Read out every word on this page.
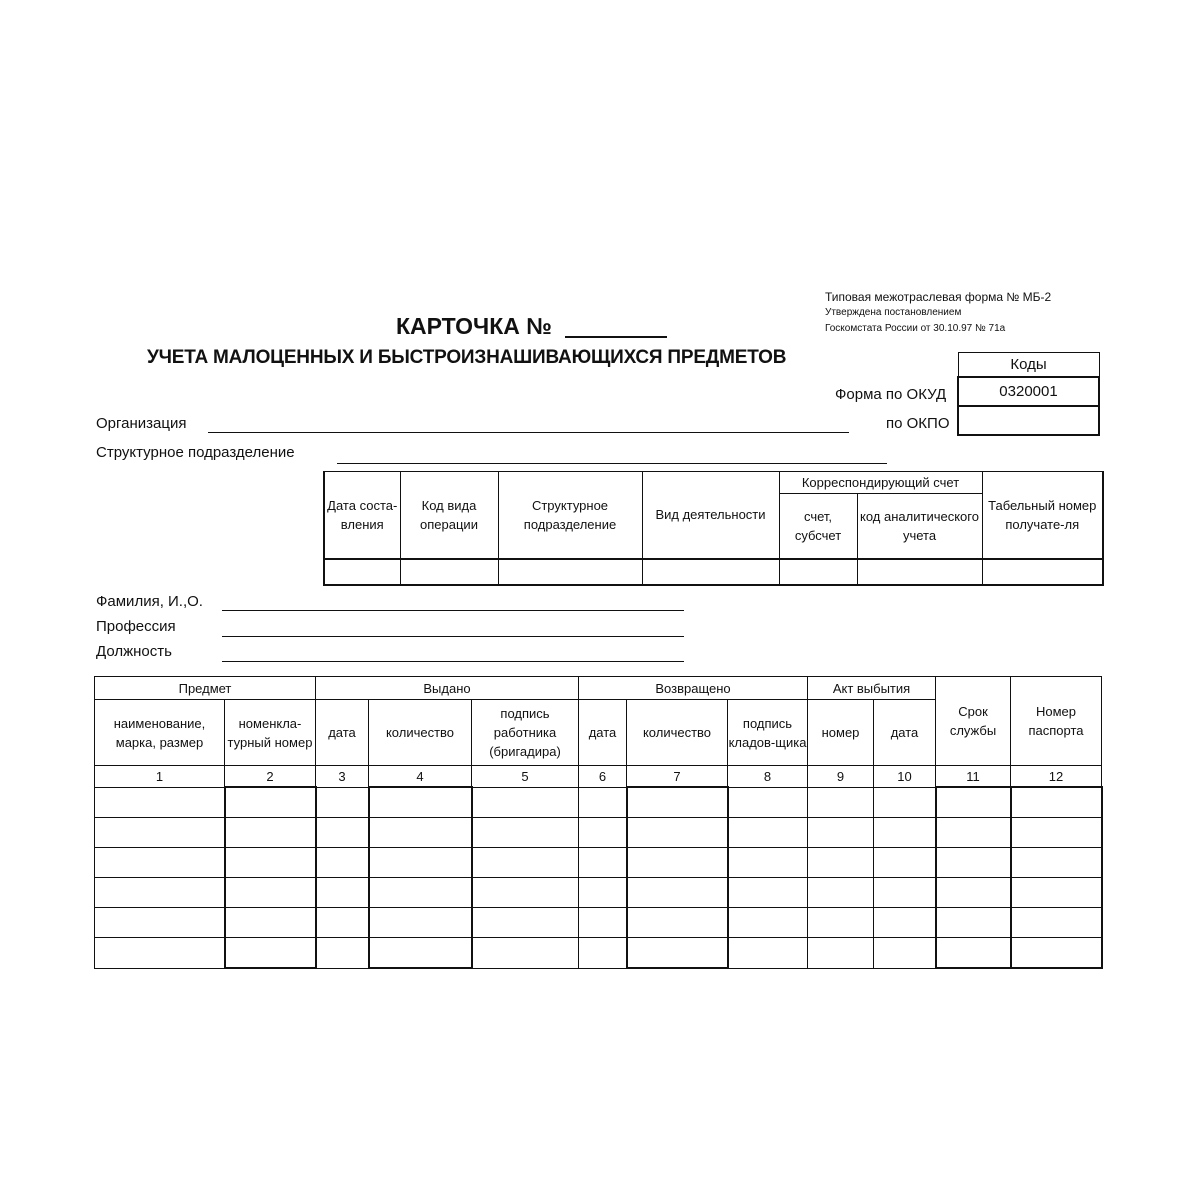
Типовая межотраслевая форма № МБ-2
Утверждена постановлением
Госкомстата России от 30.10.97 № 71а
КАРТОЧКА №
УЧЕТА МАЛОЦЕННЫХ И БЫСТРОИЗНАШИВАЮЩИХСЯ ПРЕДМЕТОВ	Коды
0320001

Форма по ОКУД
по ОКПО
Организация
Структурное подразделение
Дата соста-вления	Код вида операции	Структурное подразделение	Вид деятельности	Корреспондирующий счет		Табельный номер получате-ля
				счет, субсчет	код аналитического учета	

Фамилия, И.,О.
Профессия
Должность
Предмет		Выдано			Возвращено			Акт выбытия		Срок службы	Номер паспорта
наименование, марка, размер	номенкла-турный номер	дата	количество	подпись работника (бригадира)	дата	количество	подпись кладов-щика	номер	дата		
1	2	3	4	5	6	7	8	9	10	11	12
